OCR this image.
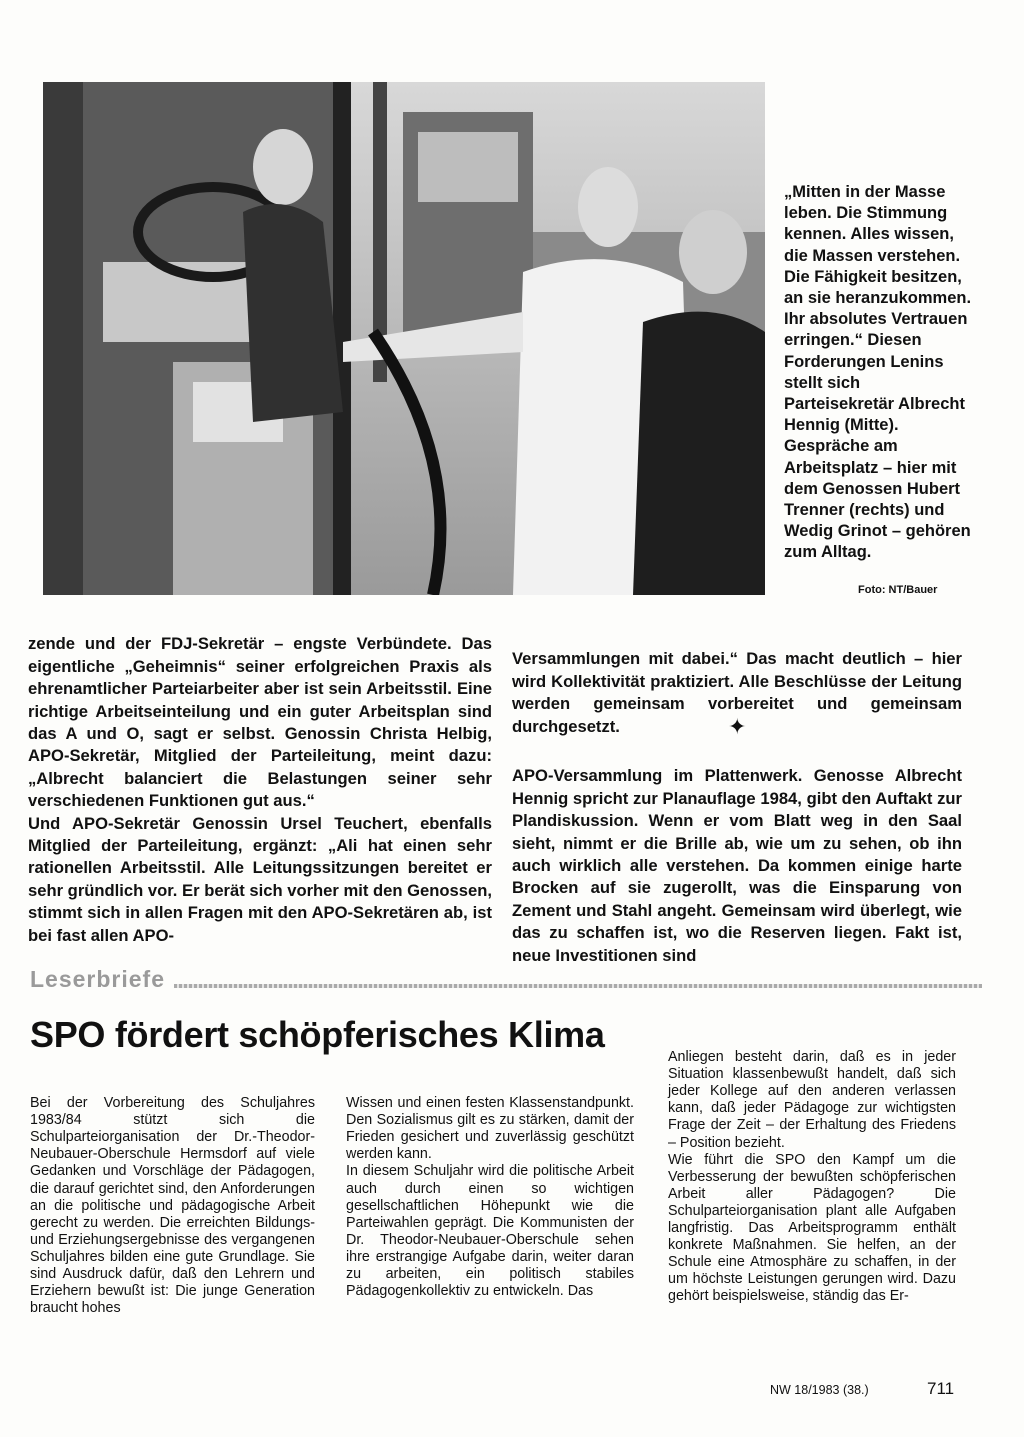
„Mitten in der Masse leben. Die Stimmung kennen. Alles wissen, die Massen verstehen. Die Fähigkeit besitzen, an sie heranzukommen. Ihr absolutes Vertrauen erringen.“ Diesen Forderungen Lenins stellt sich Parteisekretär Albrecht Hennig (Mitte). Gespräche am Arbeitsplatz – hier mit dem Genossen Hubert Trenner (rechts) und Wedig Grinot – gehören zum Alltag.

Foto: NT/Bauer

zende und der FDJ-Sekretär – engste Verbündete. Das eigentliche „Geheimnis“ seiner erfolgreichen Praxis als ehrenamtlicher Parteiarbeiter aber ist sein Arbeitsstil. Eine richtige Arbeitseinteilung und ein guter Arbeitsplan sind das A und O, sagt er selbst. Genossin Christa Helbig, APO-Sekretär, Mitglied der Parteileitung, meint dazu: „Albrecht balanciert die Belastungen seiner sehr verschiedenen Funktionen gut aus.“
Und APO-Sekretär Genossin Ursel Teuchert, ebenfalls Mitglied der Parteileitung, ergänzt: „Ali hat einen sehr rationellen Arbeitsstil. Alle Leitungssitzungen bereitet er sehr gründlich vor. Er berät sich vorher mit den Genossen, stimmt sich in allen Fragen mit den APO-Sekretären ab, ist bei fast allen APO-

Versammlungen mit dabei.“ Das macht deutlich – hier wird Kollektivität praktiziert. Alle Beschlüsse der Leitung werden gemeinsam vorbereitet und gemeinsam durchgesetzt.	✦

APO-Versammlung im Plattenwerk. Genosse Albrecht Hennig spricht zur Planauflage 1984, gibt den Auftakt zur Plandiskussion. Wenn er vom Blatt weg in den Saal sieht, nimmt er die Brille ab, wie um zu sehen, ob ihn auch wirklich alle verstehen. Da kommen einige harte Brocken auf sie zugerollt, was die Einsparung von Zement und Stahl angeht. Gemeinsam wird überlegt, wie das zu schaffen ist, wo die Reserven liegen. Fakt ist, neue Investitionen sind

Leserbriefe
SPO fördert schöpferisches Klima

Bei der Vorbereitung des Schuljahres 1983/84 stützt sich die Schulparteiorganisation der Dr.-Theodor-Neubauer-Oberschule Hermsdorf auf viele Gedanken und Vorschläge der Pädagogen, die darauf gerichtet sind, den Anforderungen an die politische und pädagogische Arbeit gerecht zu werden. Die erreichten Bildungs- und Erziehungsergebnisse des vergangenen Schuljahres bilden eine gute Grundlage. Sie sind Ausdruck dafür, daß den Lehrern und Erziehern bewußt ist: Die junge Generation braucht hohes

Wissen und einen festen Klassenstandpunkt. Den Sozialismus gilt es zu stärken, damit der Frieden gesichert und zuverlässig geschützt werden kann.
In diesem Schuljahr wird die politische Arbeit auch durch einen so wichtigen gesellschaftlichen Höhepunkt wie die Parteiwahlen geprägt. Die Kommunisten der Dr. Theodor-Neubauer-Oberschule sehen ihre erstrangige Aufgabe darin, weiter daran zu arbeiten, ein politisch stabiles Pädagogenkollektiv zu entwickeln. Das

Anliegen besteht darin, daß es in jeder Situation klassenbewußt handelt, daß sich jeder Kollege auf den anderen verlassen kann, daß jeder Pädagoge zur wichtigsten Frage der Zeit – der Erhaltung des Friedens – Position bezieht.
Wie führt die SPO den Kampf um die Verbesserung der bewußten schöpferischen Arbeit aller Pädagogen? Die Schulparteiorganisation plant alle Aufgaben langfristig. Das Arbeitsprogramm enthält konkrete Maßnahmen. Sie helfen, an der Schule eine Atmosphäre zu schaffen, in der um höchste Leistungen gerungen wird. Dazu gehört beispielsweise, ständig das Er-

NW 18/1983 (38.)	711
